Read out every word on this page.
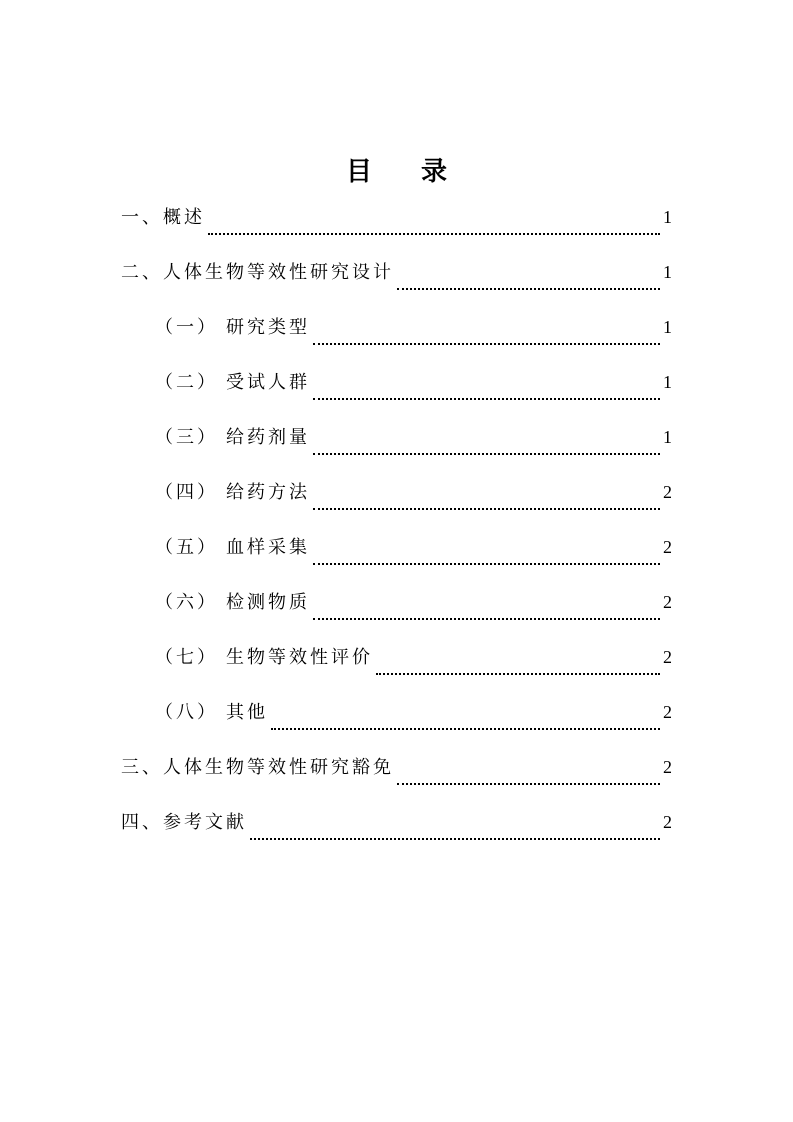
目 录
一、概述	1
二、人体生物等效性研究设计	1
（一） 研究类型	1
（二） 受试人群	1
（三） 给药剂量	1
（四） 给药方法	2
（五） 血样采集	2
（六） 检测物质	2
（七） 生物等效性评价	2
（八） 其他	2
三、人体生物等效性研究豁免	2
四、参考文献	2
